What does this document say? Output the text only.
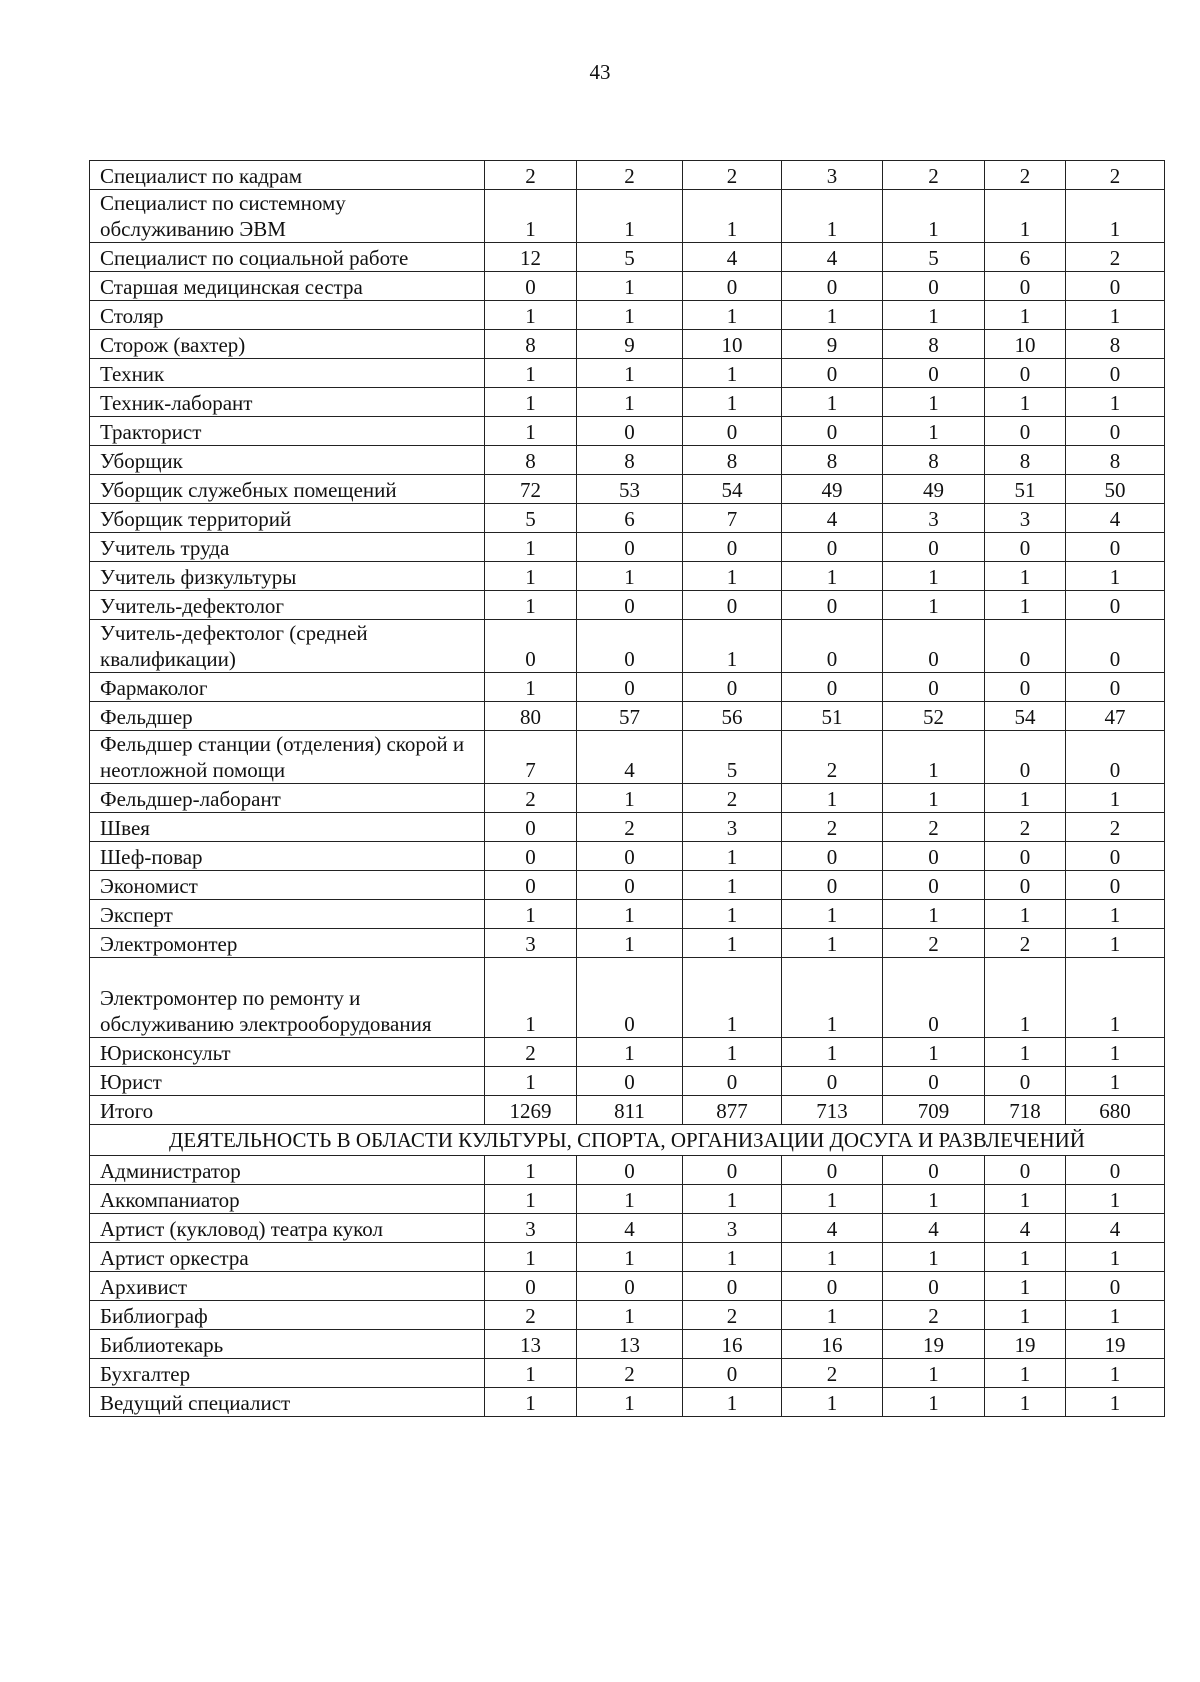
43
Специалист по кадрам	2	2	2	3	2	2	2
Специалист по системному обслуживанию ЭВМ	1	1	1	1	1	1	1
Специалист по социальной работе	12	5	4	4	5	6	2
Старшая медицинская сестра	0	1	0	0	0	0	0
Столяр	1	1	1	1	1	1	1
Сторож (вахтер)	8	9	10	9	8	10	8
Техник	1	1	1	0	0	0	0
Техник-лаборант	1	1	1	1	1	1	1
Тракторист	1	0	0	0	1	0	0
Уборщик	8	8	8	8	8	8	8
Уборщик служебных помещений	72	53	54	49	49	51	50
Уборщик территорий	5	6	7	4	3	3	4
Учитель труда	1	0	0	0	0	0	0
Учитель физкультуры	1	1	1	1	1	1	1
Учитель-дефектолог	1	0	0	0	1	1	0
Учитель-дефектолог (средней квалификации)	0	0	1	0	0	0	0
Фармаколог	1	0	0	0	0	0	0
Фельдшер	80	57	56	51	52	54	47
Фельдшер станции (отделения) скорой и неотложной помощи	7	4	5	2	1	0	0
Фельдшер-лаборант	2	1	2	1	1	1	1
Швея	0	2	3	2	2	2	2
Шеф-повар	0	0	1	0	0	0	0
Экономист	0	0	1	0	0	0	0
Эксперт	1	1	1	1	1	1	1
Электромонтер	3	1	1	1	2	2	1
Электромонтер по ремонту и обслуживанию электрооборудования	1	0	1	1	0	1	1
Юрисконсульт	2	1	1	1	1	1	1
Юрист	1	0	0	0	0	0	1
Итого	1269	811	877	713	709	718	680
ДЕЯТЕЛЬНОСТЬ В ОБЛАСТИ КУЛЬТУРЫ, СПОРТА, ОРГАНИЗАЦИИ ДОСУГА И РАЗВЛЕЧЕНИЙ							
Администратор	1	0	0	0	0	0	0
Аккомпаниатор	1	1	1	1	1	1	1
Артист (кукловод) театра кукол	3	4	3	4	4	4	4
Артист оркестра	1	1	1	1	1	1	1
Архивист	0	0	0	0	0	1	0
Библиограф	2	1	2	1	2	1	1
Библиотекарь	13	13	16	16	19	19	19
Бухгалтер	1	2	0	2	1	1	1
Ведущий специалист	1	1	1	1	1	1	1
